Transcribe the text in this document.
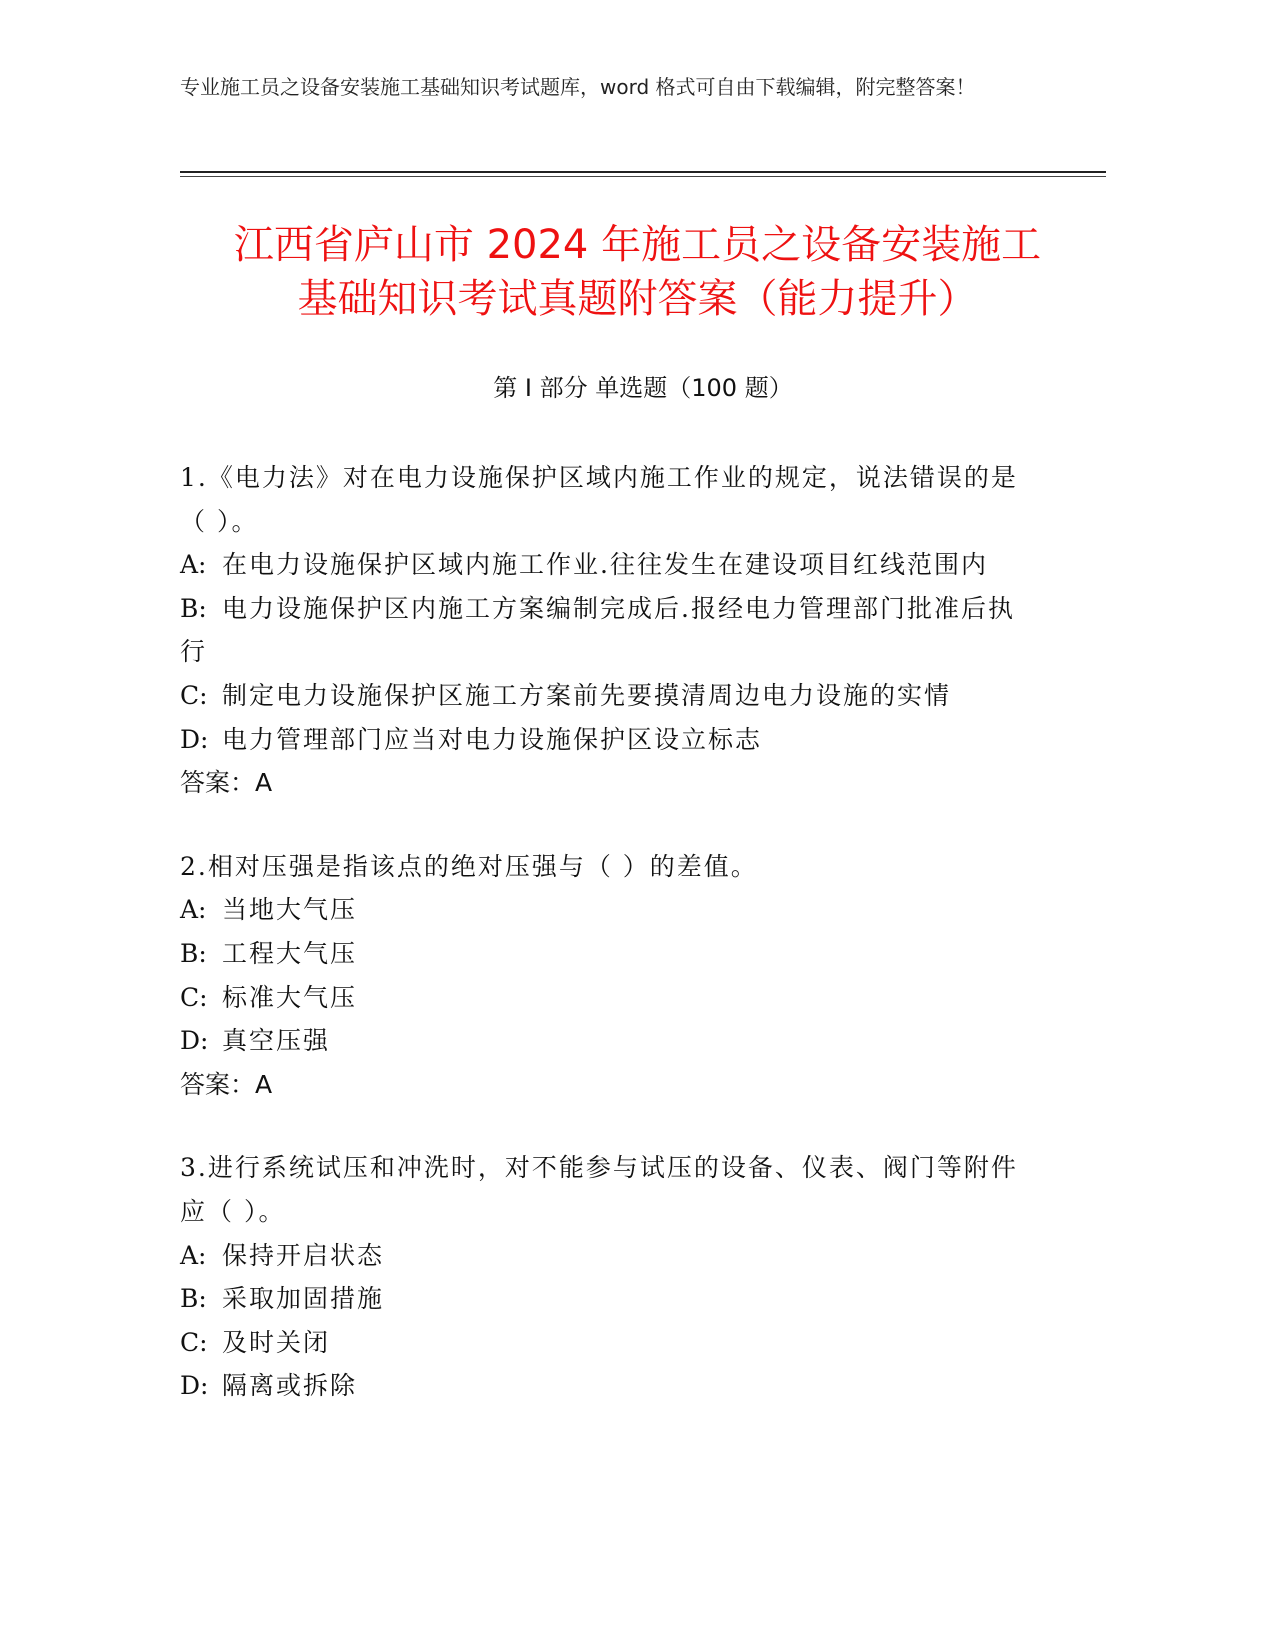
专业施工员之设备安装施工基础知识考试题库，word 格式可自由下载编辑，附完整答案！
江西省庐山市 2024 年施工员之设备安装施工
基础知识考试真题附答案（能力提升）
第 I 部分 单选题（100 题）
1.《电力法》对在电力设施保护区域内施工作业的规定，说法错误的是（ ）。
A: 在电力设施保护区域内施工作业.往往发生在建设项目红线范围内
B: 电力设施保护区内施工方案编制完成后.报经电力管理部门批准后执行
C: 制定电力设施保护区施工方案前先要摸清周边电力设施的实情
D: 电力管理部门应当对电力设施保护区设立标志
答案：A
2.相对压强是指该点的绝对压强与（ ）的差值。
A: 当地大气压
B: 工程大气压
C: 标准大气压
D: 真空压强
答案：A
3.进行系统试压和冲洗时，对不能参与试压的设备、仪表、阀门等附件应（ ）。
A: 保持开启状态
B: 采取加固措施
C: 及时关闭
D: 隔离或拆除
